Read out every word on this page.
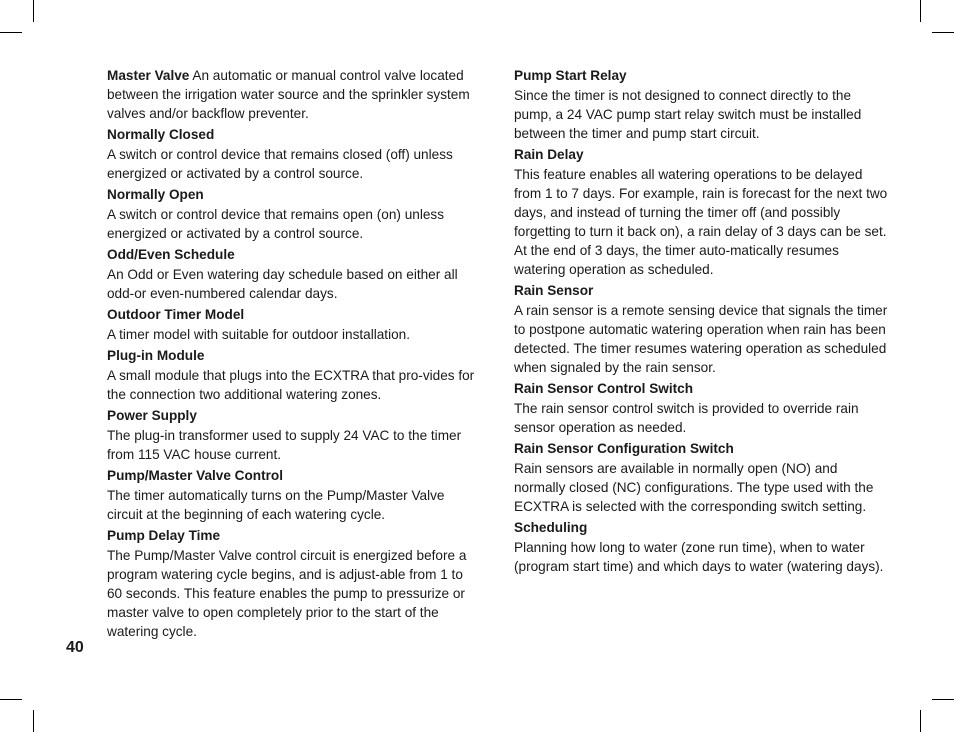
Master Valve An automatic or manual control valve located between the irrigation water source and the sprinkler system valves and/or backflow preventer.
Normally Closed
A switch or control device that remains closed (off) unless energized or activated by a control source.
Normally Open
A switch or control device that remains open (on) unless energized or activated by a control source.
Odd/Even Schedule
An Odd or Even watering day schedule based on either all odd-or even-numbered calendar days.
Outdoor Timer Model
A timer model with suitable for outdoor installation.
Plug-in Module
A small module that plugs into the ECXTRA that pro-vides for the connection two additional watering zones.
Power Supply
The plug-in transformer used to supply 24 VAC to the timer from 115 VAC house current.
Pump/Master Valve Control
The timer automatically turns on the Pump/Master Valve circuit at the beginning of each watering cycle.
Pump Delay Time
The Pump/Master Valve control circuit is energized before a program watering cycle begins, and is adjust-able from 1 to 60 seconds. This feature enables the pump to pressurize or master valve to open completely prior to the start of the watering cycle.
Pump Start Relay
Since the timer is not designed to connect directly to the pump, a 24 VAC pump start relay switch must be installed between the timer and pump start circuit.
Rain Delay
This feature enables all watering operations to be delayed from 1 to 7 days. For example, rain is forecast for the next two days, and instead of turning the timer off (and possibly forgetting to turn it back on), a rain delay of 3 days can be set. At the end of 3 days, the timer auto-matically resumes watering operation as scheduled.
Rain Sensor
A rain sensor is a remote sensing device that signals the timer to postpone automatic watering operation when rain has been detected. The timer resumes watering operation as scheduled when signaled by the rain sensor.
Rain Sensor Control Switch
The rain sensor control switch is provided to override rain sensor operation as needed.
Rain Sensor Configuration Switch
Rain sensors are available in normally open (NO) and normally closed (NC) configurations. The type used with the ECXTRA is selected with the corresponding switch setting.
Scheduling
Planning how long to water (zone run time), when to water (program start time) and which days to water (watering days).
40
